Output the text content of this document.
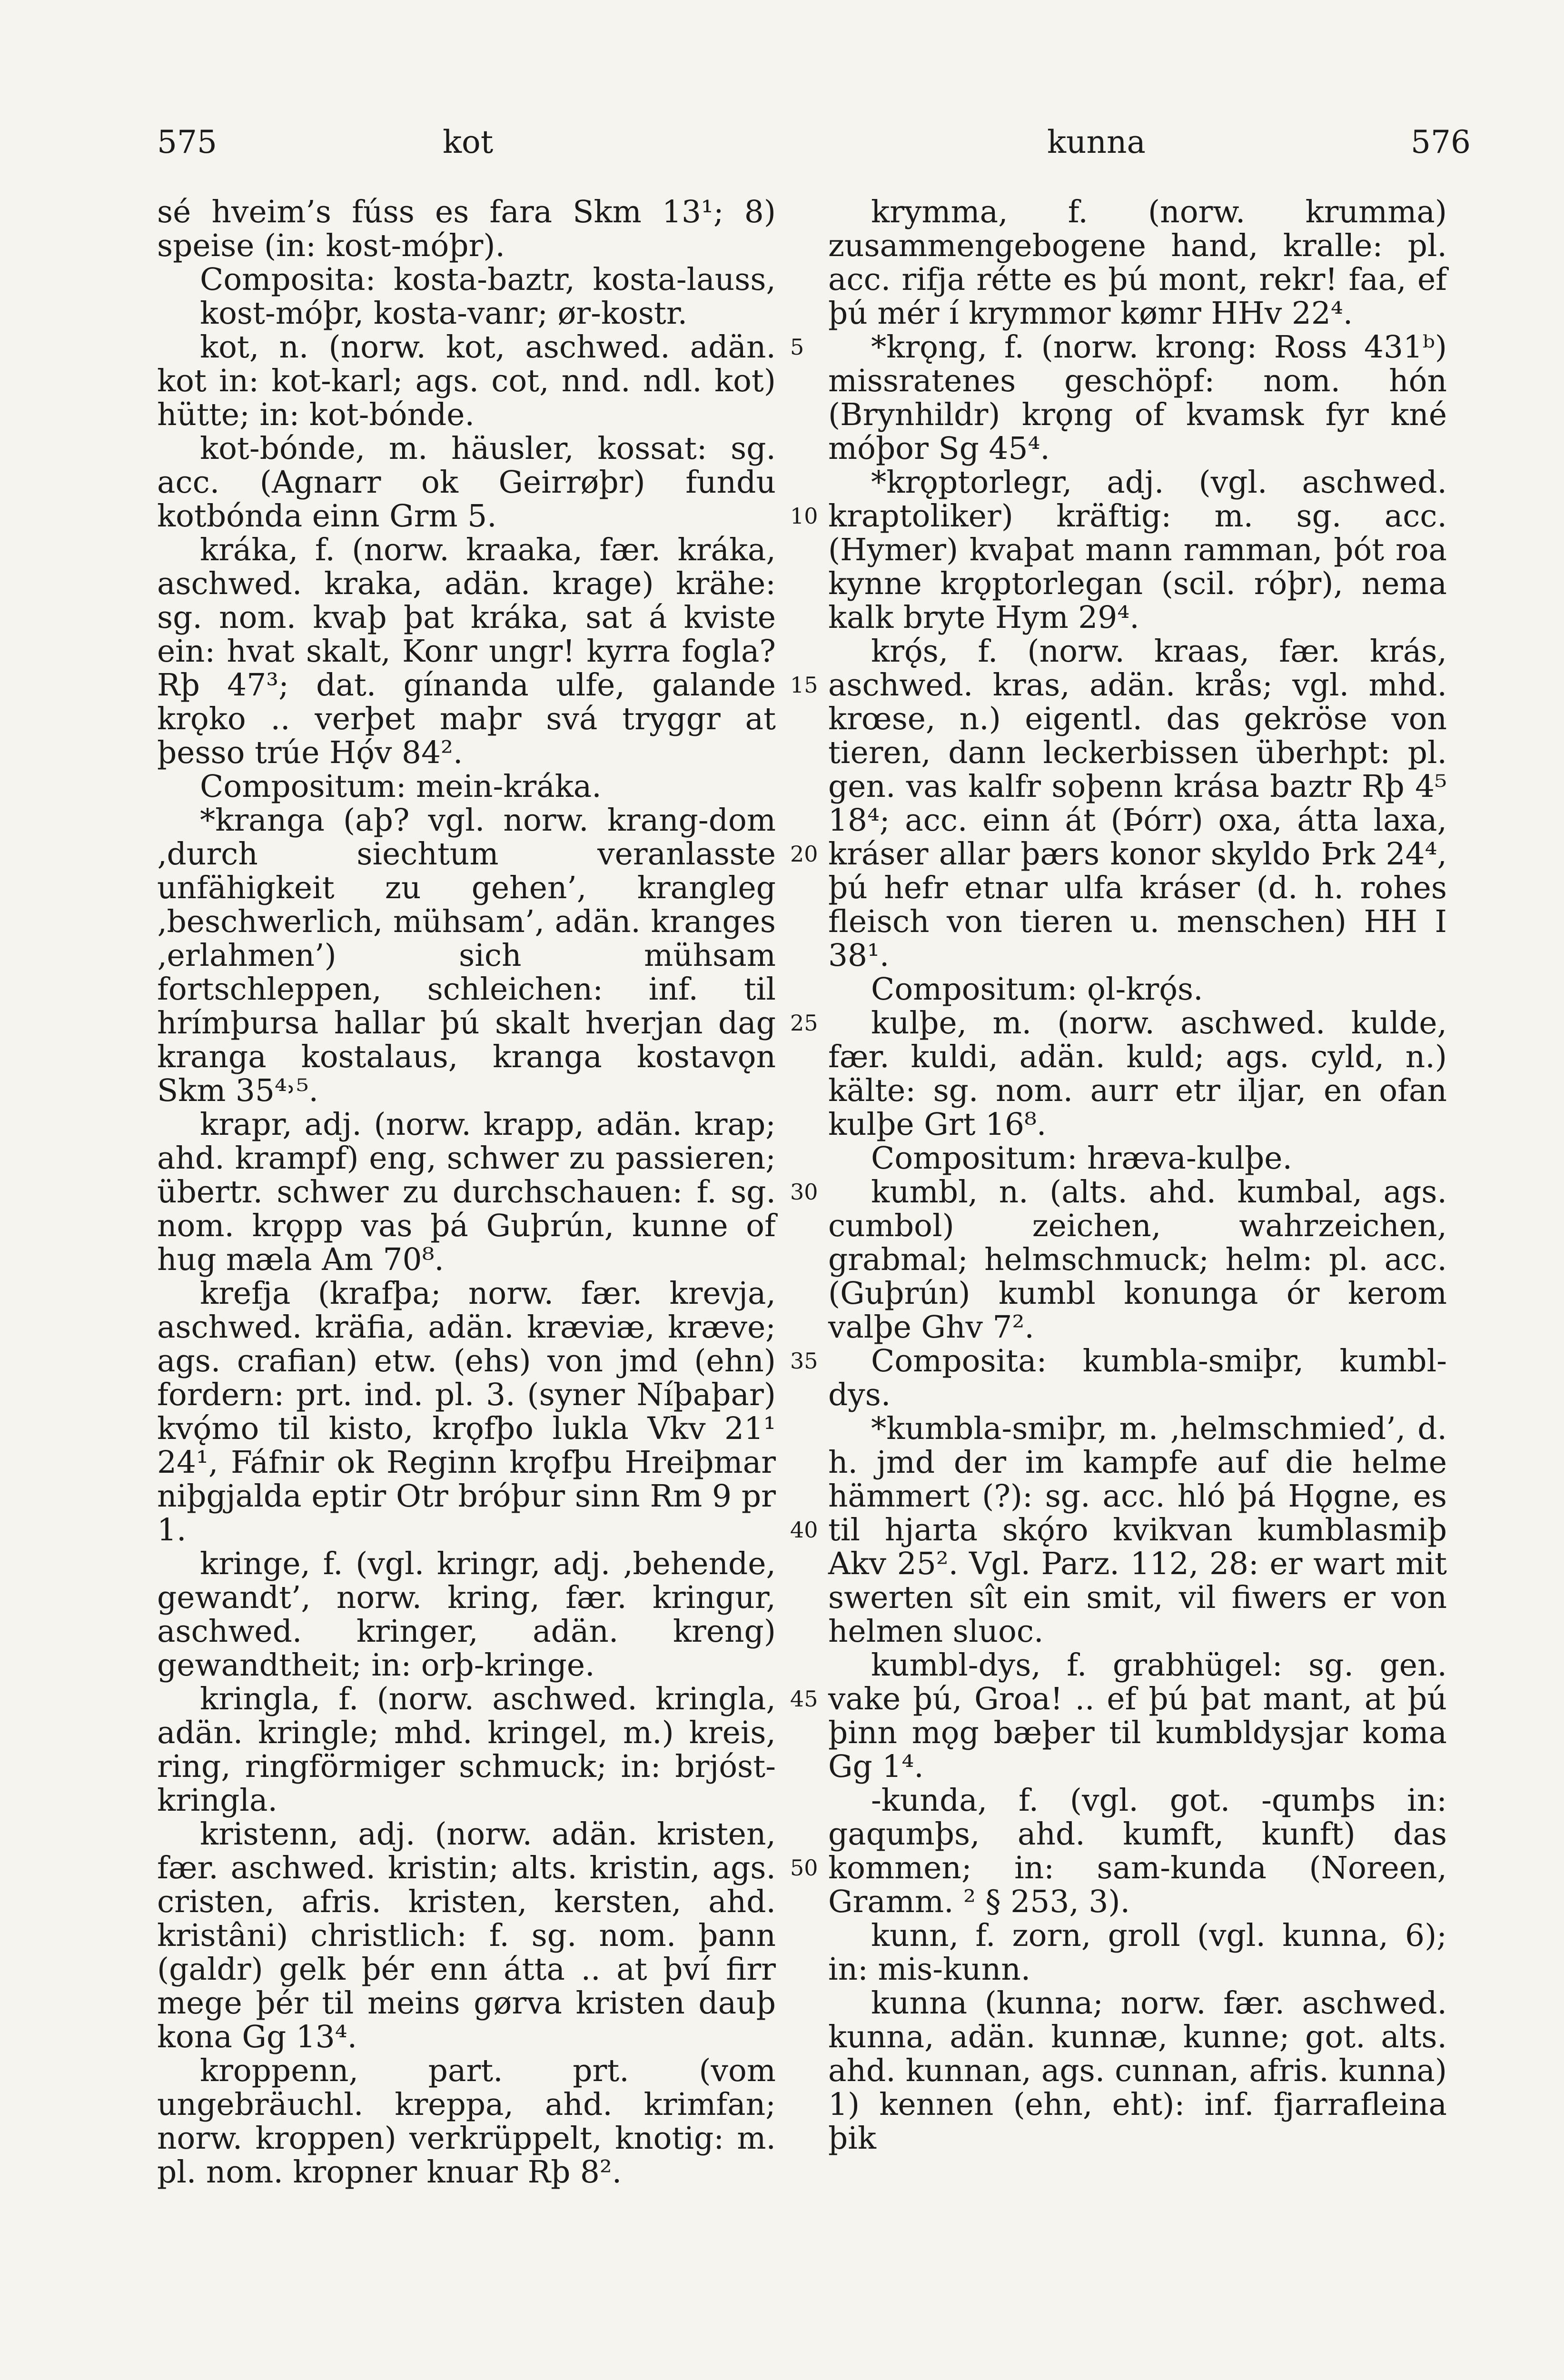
575	kot	kunna	576

sé hveim’s fúss es fara Skm 13¹; 8) speise (in: kost-móþr).

Composita: kosta-baztr, kosta-lauss, kost-móþr, kosta-vanr; ør-kostr.

kot, n. (norw. kot, aschwed. adän. kot in: kot-karl; ags. cot, nnd. ndl. kot) hütte; in: kot-bónde.

kot-bónde, m. häusler, kossat: sg. acc. (Agnarr ok Geirrøþr) fundu kotbónda einn Grm 5.

kráka, f. (norw. kraaka, fær. kráka, aschwed. kraka, adän. krage) krähe: sg. nom. kvaþ þat kráka, sat á kviste ein: hvat skalt, Konr ungr! kyrra fogla? Rþ 47³; dat. gínanda ulfe, galande krǫko .. verþet maþr svá tryggr at þesso trúe Hǫ́v 84².

Compositum: mein-kráka.

*kranga (aþ? vgl. norw. krang-dom ‚durch siechtum veranlasste unfähigkeit zu gehen’, krangleg ‚beschwerlich, mühsam’, adän. kranges ‚erlahmen’) sich mühsam fortschleppen, schleichen: inf. til hrímþursa hallar þú skalt hverjan dag kranga kostalaus, kranga kostavǫn Skm 35⁴˒⁵.

krapr, adj. (norw. krapp, adän. krap; ahd. krampf) eng, schwer zu passieren; übertr. schwer zu durchschauen: f. sg. nom. krǫpp vas þá Guþrún, kunne of hug mæla Am 70⁸.

krefja (krafþa; norw. fær. krevja, aschwed. kräfia, adän. kræviæ, kræve; ags. crafian) etw. (ehs) von jmd (ehn) fordern: prt. ind. pl. 3. (syner Níþaþar) kvǫ́mo til kisto, krǫfþo lukla Vkv 21¹ 24¹, Fáfnir ok Reginn krǫfþu Hreiþmar niþgjalda eptir Otr bróþur sinn Rm 9 pr 1.

kringe, f. (vgl. kringr, adj. ‚behende, gewandt’, norw. kring, fær. kringur, aschwed. kringer, adän. kreng) gewandtheit; in: orþ-kringe.

kringla, f. (norw. aschwed. kringla, adän. kringle; mhd. kringel, m.) kreis, ring, ringförmiger schmuck; in: brjóst-kringla.

kristenn, adj. (norw. adän. kristen, fær. aschwed. kristin; alts. kristin, ags. cristen, afris. kristen, kersten, ahd. kristâni) christlich: f. sg. nom. þann (galdr) gelk þér enn átta .. at því firr mege þér til meins gørva kristen dauþ kona Gg 13⁴.

kroppenn, part. prt. (vom ungebräuchl. kreppa, ahd. krimfan; norw. kroppen) verkrüppelt, knotig: m. pl. nom. kropner knuar Rþ 8².

5
10
15
20
25
30
35
40
45
50

krymma, f. (norw. krumma) zusammengebogene hand, kralle: pl. acc. rifja rétte es þú mont, rekr! faa, ef þú mér í krymmor kømr HHv 22⁴.

*krǫng, f. (norw. krong: Ross 431ᵇ) missratenes geschöpf: nom. hón (Brynhildr) krǫng of kvamsk fyr kné móþor Sg 45⁴.

*krǫptorlegr, adj. (vgl. aschwed. kraptoliker) kräftig: m. sg. acc. (Hymer) kvaþat mann ramman, þót roa kynne krǫptorlegan (scil. róþr), nema kalk bryte Hym 29⁴.

krǫ́s, f. (norw. kraas, fær. krás, aschwed. kras, adän. krås; vgl. mhd. krœse, n.) eigentl. das gekröse von tieren, dann leckerbissen überhpt: pl. gen. vas kalfr soþenn krása baztr Rþ 4⁵ 18⁴; acc. einn át (Þórr) oxa, átta laxa, kráser allar þærs konor skyldo Þrk 24⁴, þú hefr etnar ulfa kráser (d. h. rohes fleisch von tieren u. menschen) HH I 38¹.

Compositum: ǫl-krǫ́s.

kulþe, m. (norw. aschwed. kulde, fær. kuldi, adän. kuld; ags. cyld, n.) kälte: sg. nom. aurr etr iljar, en ofan kulþe Grt 16⁸.

Compositum: hræva-kulþe.

kumbl, n. (alts. ahd. kumbal, ags. cumbol) zeichen, wahrzeichen, grabmal; helmschmuck; helm: pl. acc. (Guþrún) kumbl konunga ór kerom valþe Ghv 7².

Composita: kumbla-smiþr, kumbl-dys.

*kumbla-smiþr, m. ‚helmschmied’, d. h. jmd der im kampfe auf die helme hämmert (?): sg. acc. hló þá Hǫgne, es til hjarta skǫ́ro kvikvan kumblasmiþ Akv 25². Vgl. Parz. 112, 28: er wart mit swerten sît ein smit, vil fiwers er von helmen sluoc.

kumbl-dys, f. grabhügel: sg. gen. vake þú, Groa! .. ef þú þat mant, at þú þinn mǫg bæþer til kumbldysjar koma Gg 1⁴.

-kunda, f. (vgl. got. -qumþs in: gaqumþs, ahd. kumft, kunft) das kommen; in: sam-kunda (Noreen, Gramm. ² § 253, 3).

kunn, f. zorn, groll (vgl. kunna, 6); in: mis-kunn.

kunna (kunna; norw. fær. aschwed. kunna, adän. kunnæ, kunne; got. alts. ahd. kunnan, ags. cunnan, afris. kunna) 1) kennen (ehn, eht): inf. fjarrafleina þik
